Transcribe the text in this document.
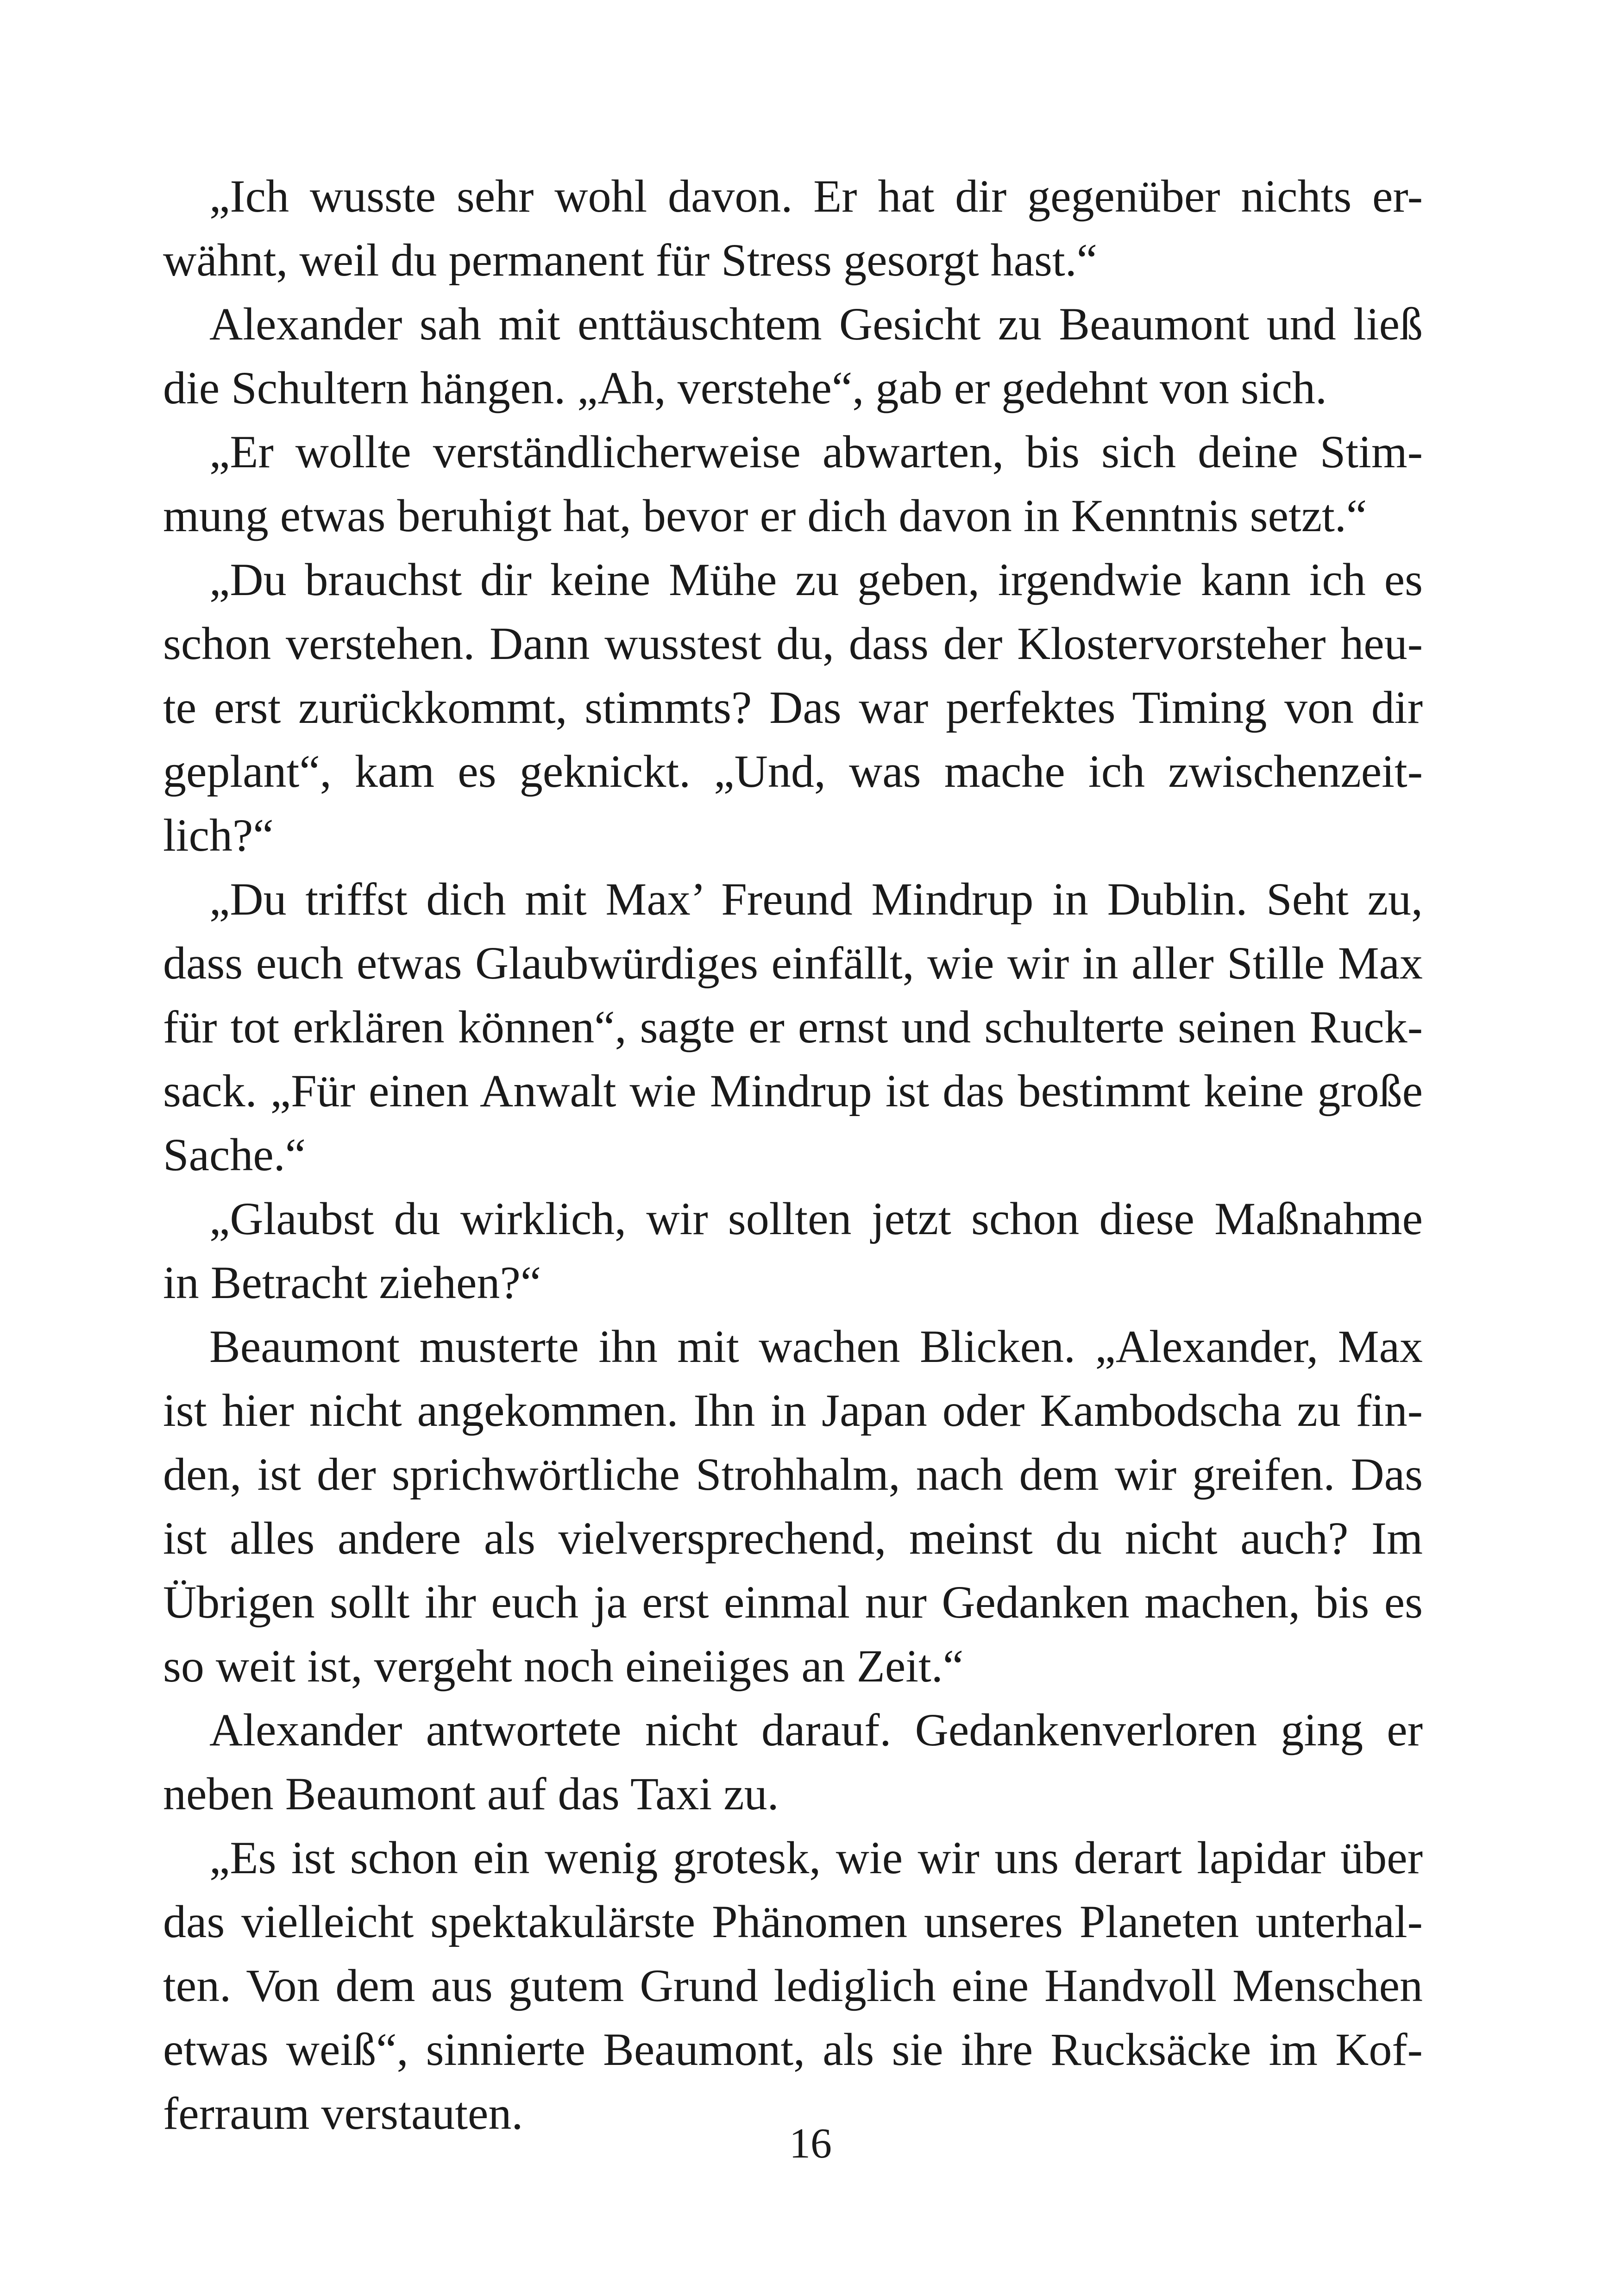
„Ich wusste sehr wohl davon. Er hat dir gegenüber nichts er-
wähnt, weil du permanent für Stress gesorgt hast.“
Alexander sah mit enttäuschtem Gesicht zu Beaumont und ließ
die Schultern hängen. „Ah, verstehe“, gab er gedehnt von sich.
„Er wollte verständlicherweise abwarten, bis sich deine Stim-
mung etwas beruhigt hat, bevor er dich davon in Kenntnis setzt.“
„Du brauchst dir keine Mühe zu geben, irgendwie kann ich es
schon verstehen. Dann wusstest du, dass der Klostervorsteher heu-
te erst zurückkommt, stimmts? Das war perfektes Timing von dir
geplant“, kam es geknickt. „Und, was mache ich zwischenzeit-
lich?“
„Du triffst dich mit Max’ Freund Mindrup in Dublin. Seht zu,
dass euch etwas Glaubwürdiges einfällt, wie wir in aller Stille Max
für tot erklären können“, sagte er ernst und schulterte seinen Ruck-
sack. „Für einen Anwalt wie Mindrup ist das bestimmt keine große
Sache.“
„Glaubst du wirklich, wir sollten jetzt schon diese Maßnahme
in Betracht ziehen?“
Beaumont musterte ihn mit wachen Blicken. „Alexander, Max
ist hier nicht angekommen. Ihn in Japan oder Kambodscha zu fin-
den, ist der sprichwörtliche Strohhalm, nach dem wir greifen. Das
ist alles andere als vielversprechend, meinst du nicht auch? Im
Übrigen sollt ihr euch ja erst einmal nur Gedanken machen, bis es
so weit ist, vergeht noch eineiiges an Zeit.“
Alexander antwortete nicht darauf. Gedankenverloren ging er
neben Beaumont auf das Taxi zu.
„Es ist schon ein wenig grotesk, wie wir uns derart lapidar über
das vielleicht spektakulärste Phänomen unseres Planeten unterhal-
ten. Von dem aus gutem Grund lediglich eine Handvoll Menschen
etwas weiß“, sinnierte Beaumont, als sie ihre Rucksäcke im Kof-
ferraum verstauten.
16
